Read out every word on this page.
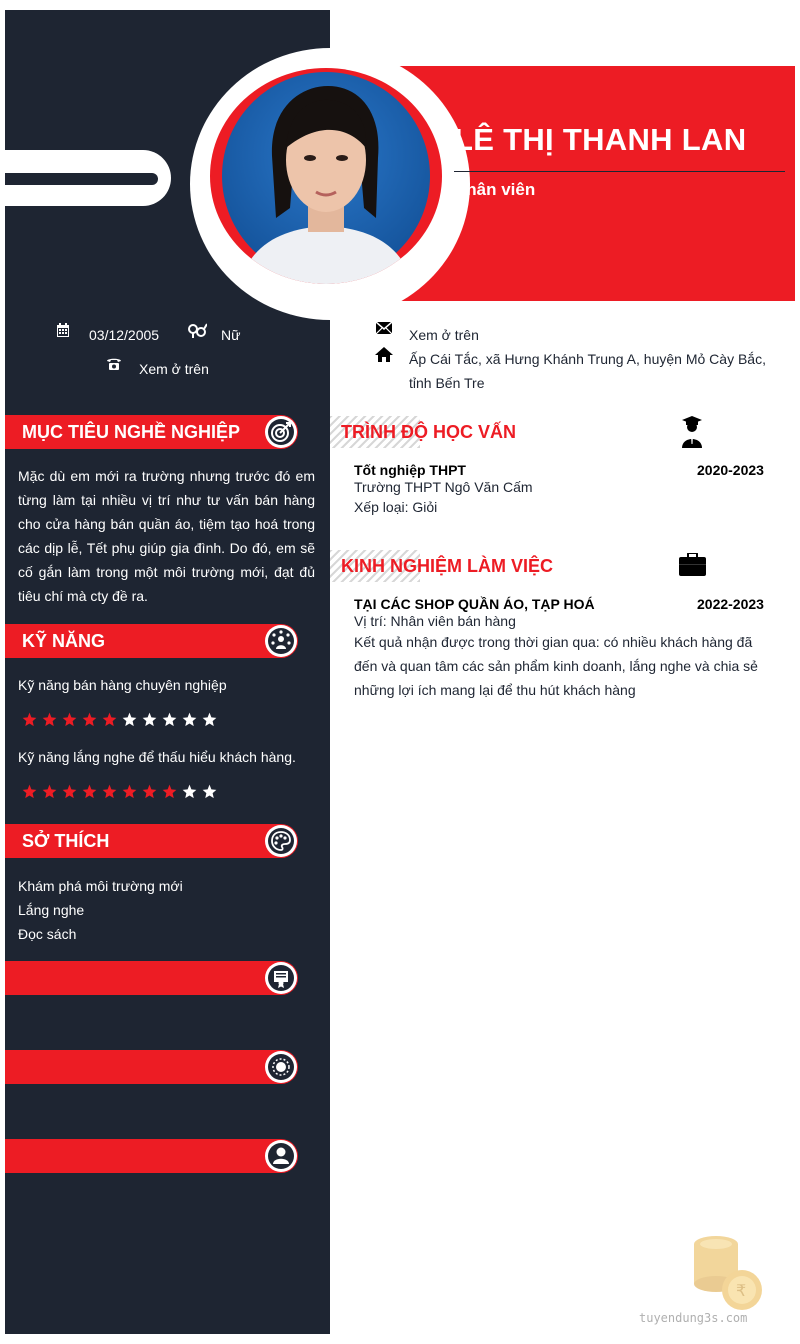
LÊ THỊ THANH LAN
Nhân viên
03/12/2005	Nữ
Xem ở trên
Xem ở trên
Ấp Cái Tắc, xã Hưng Khánh Trung A, huyện Mỏ Cày Bắc,
tỉnh Bến Tre
MỤC TIÊU NGHỀ NGHIỆP
Mặc dù em mới ra trường nhưng trước đó em từng làm tại nhiều vị trí như tư vấn bán hàng cho cửa hàng bán quần áo, tiệm tạo hoá trong các dịp lễ, Tết phụ giúp gia đình. Do đó, em sẽ cố gắn làm trong một môi trường mới, đạt đủ tiêu chí mà cty đề ra.
KỸ NĂNG
Kỹ năng bán hàng chuyên nghiệp
Kỹ năng lắng nghe để thấu hiểu khách hàng.
SỞ THÍCH
Khám phá môi trường mới
Lắng nghe
Đọc sách
TRÌNH ĐỘ HỌC VẤN
Tốt nghiệp THPT	2020-2023
Trường THPT Ngô Văn Cấm
Xếp loại: Giỏi
KINH NGHIỆM LÀM VIỆC
TẠI CÁC SHOP QUẦN ÁO, TẠP HOÁ	2022-2023
Vị trí: Nhân viên bán hàng
Kết quả nhận được trong thời gian qua: có nhiều khách hàng đã đến và quan tâm các sản phẩm kinh doanh, lắng nghe và chia sẻ những lợi ích mang lại để thu hút khách hàng
₹
tuyendung3s.com
